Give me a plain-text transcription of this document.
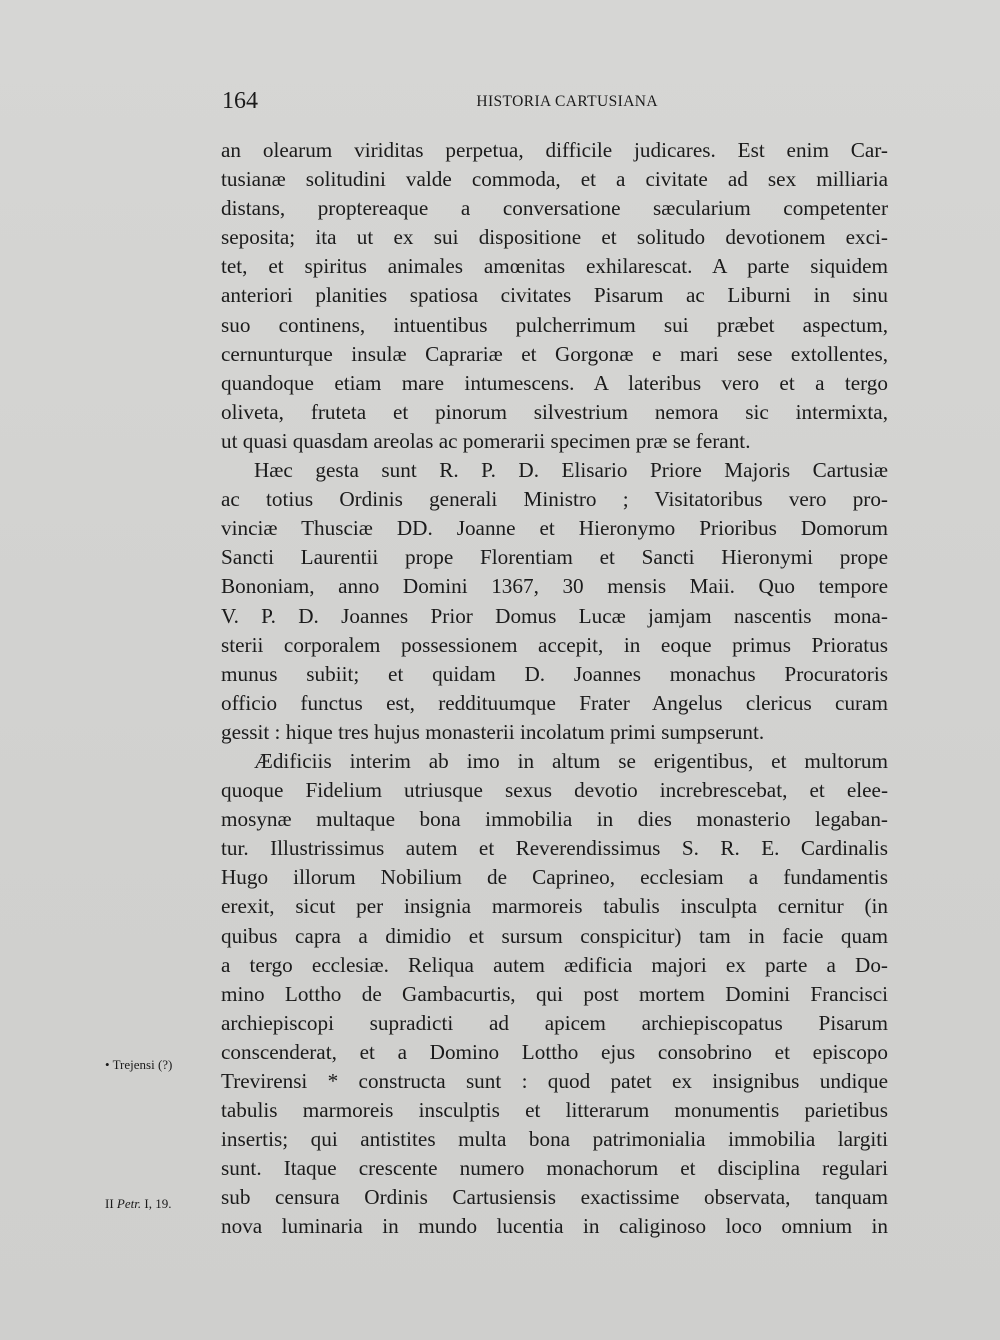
164	HISTORIA CARTUSIANA
an olearum viriditas perpetua, difficile judicares. Est enim Car-
tusianæ solitudini valde commoda, et a civitate ad sex milliaria
distans, proptereaque a conversatione sæcularium competenter
seposita; ita ut ex sui dispositione et solitudo devotionem exci-
tet, et spiritus animales amœnitas exhilarescat. A parte siquidem
anteriori planities spatiosa civitates Pisarum ac Liburni in sinu
suo continens, intuentibus pulcherrimum sui præbet aspectum,
cernunturque insulæ Caprariæ et Gorgonæ e mari sese extollentes,
quandoque etiam mare intumescens. A lateribus vero et a tergo
oliveta, fruteta et pinorum silvestrium nemora sic intermixta,
ut quasi quasdam areolas ac pomerarii specimen præ se ferant.
Hæc gesta sunt R. P. D. Elisario Priore Majoris Cartusiæ
ac totius Ordinis generali Ministro ; Visitatoribus vero pro-
vinciæ Thusciæ DD. Joanne et Hieronymo Prioribus Domorum
Sancti Laurentii prope Florentiam et Sancti Hieronymi prope
Bononiam, anno Domini 1367, 30 mensis Maii. Quo tempore
V. P. D. Joannes Prior Domus Lucæ jamjam nascentis mona-
sterii corporalem possessionem accepit, in eoque primus Prioratus
munus subiit; et quidam D. Joannes monachus Procuratoris
officio functus est, reddituumque Frater Angelus clericus curam
gessit : hique tres hujus monasterii incolatum primi sumpserunt.
Ædificiis interim ab imo in altum se erigentibus, et multorum
quoque Fidelium utriusque sexus devotio increbrescebat, et eleе-
mosynæ multaque bona immobilia in dies monasterio legaban-
tur. Illustrissimus autem et Reverendissimus S. R. E. Cardinalis
Hugo illorum Nobilium de Caprineo, ecclesiam a fundamentis
erexit, sicut per insignia marmoreis tabulis insculpta cernitur (in
quibus capra a dimidio et sursum conspicitur) tam in facie quam
a tergo ecclesiæ. Reliqua autem ædificia majori ex parte a Do-
mino Lottho de Gambacurtis, qui post mortem Domini Francisci
archiepiscopi supradicti ad apicem archiepiscopatus Pisarum
conscenderat, et a Domino Lottho ejus consobrino et episcopo
Trevirensi * constructa sunt : quod patet ex insignibus undique
tabulis marmoreis insculptis et litterarum monumentis parietibus
insertis; qui antistites multa bona patrimonialia immobilia largiti
sunt. Itaque crescente numero monachorum et disciplina regulari
sub censura Ordinis Cartusiensis exactissime observata, tanquam
nova luminaria in mundo lucentia in caliginoso loco omnium in
• Trejensi (?)
II Petr. I, 19.
